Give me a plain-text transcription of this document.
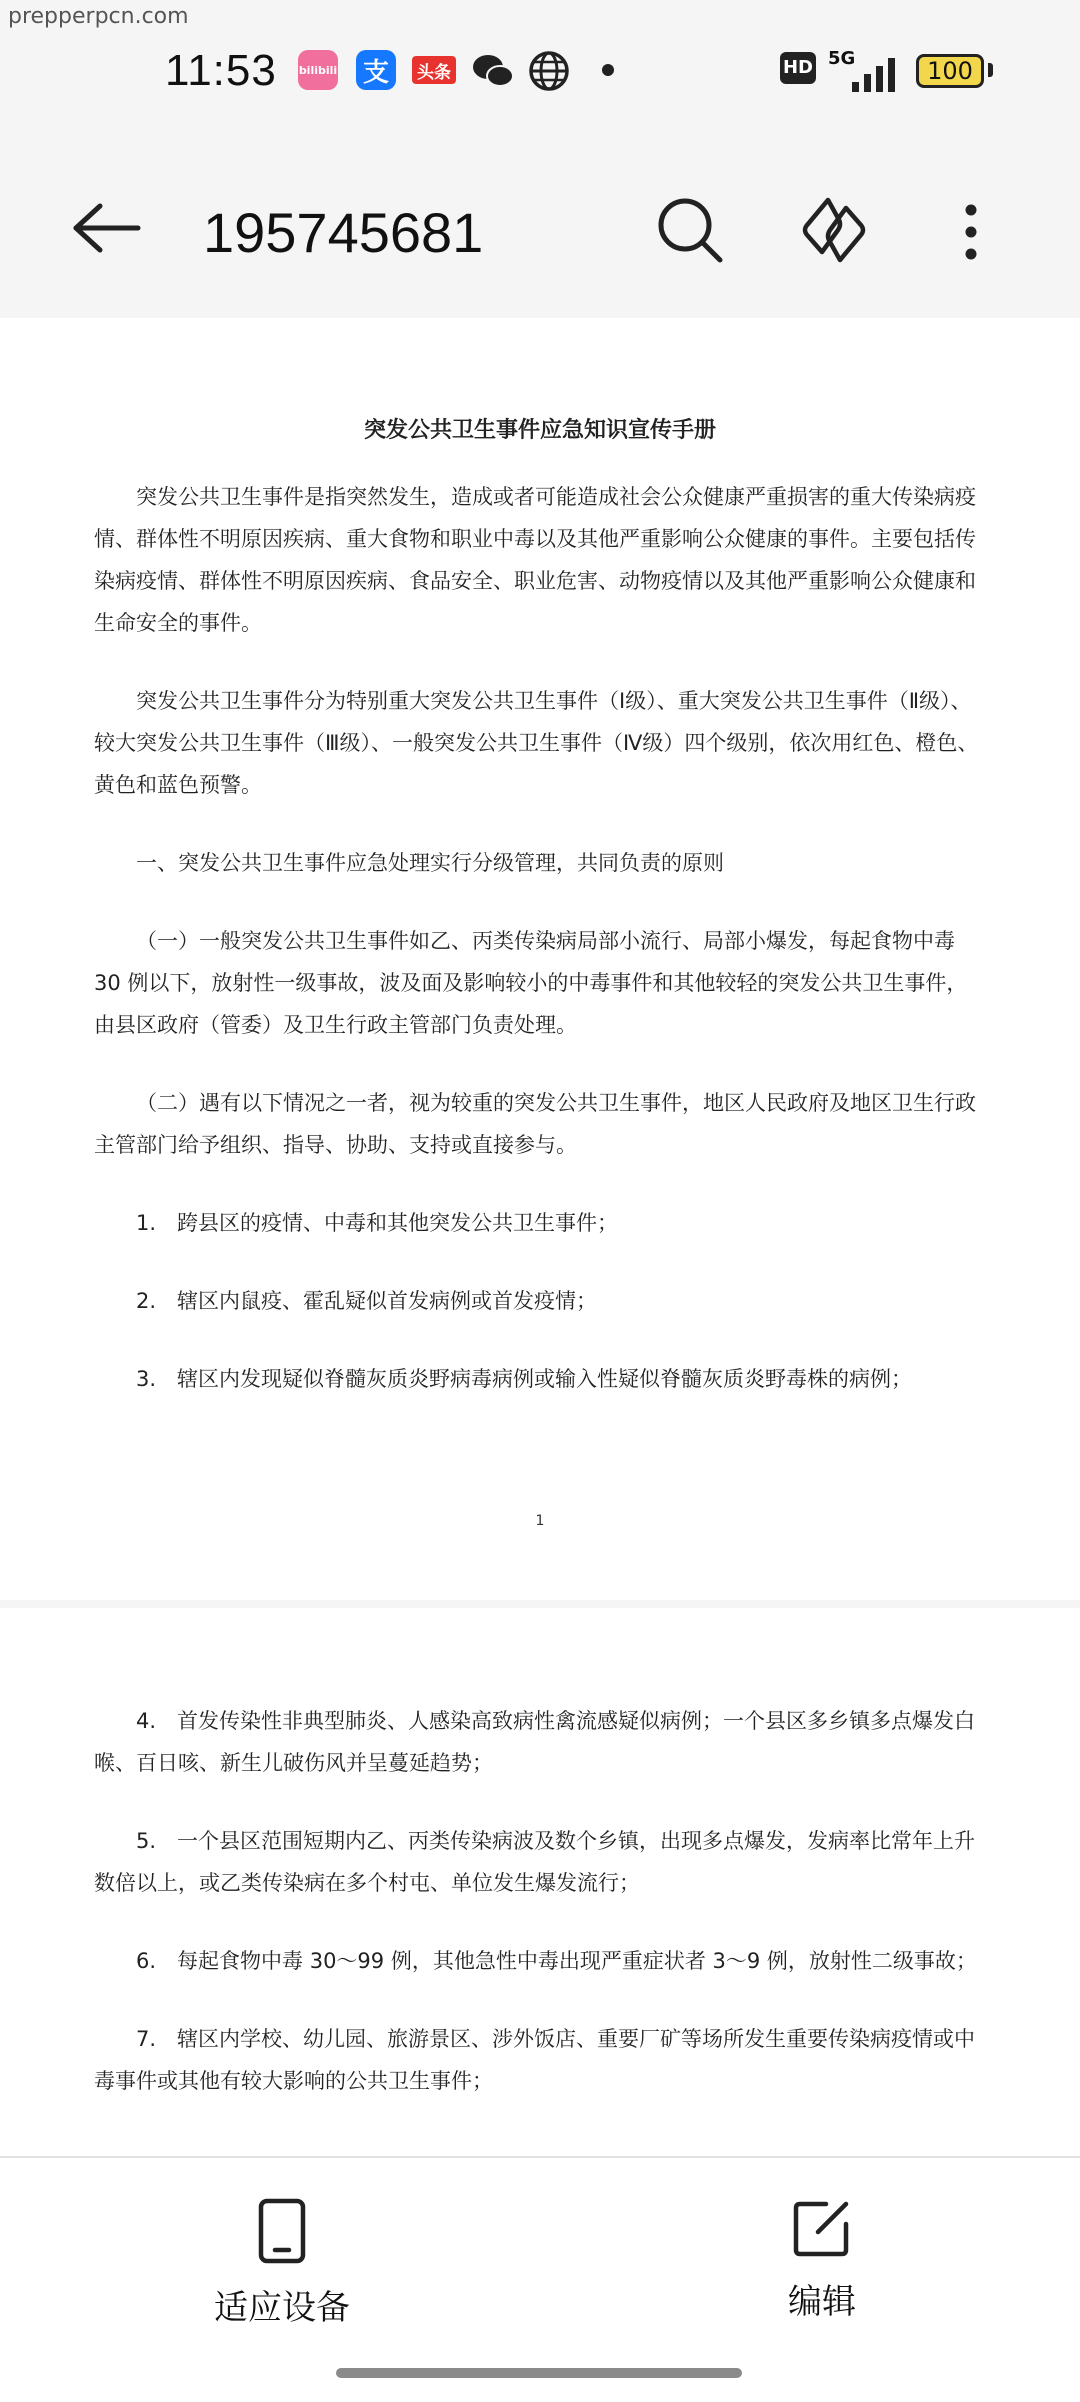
prepperpcn.com
11:53 bilibili 支	头条	HD 5G	100
195745681
突发公共卫生事件应急知识宣传手册

突发公共卫生事件是指突然发生，造成或者可能造成社会公众健康严重损害的重大传染病疫情、群体性不明原因疾病、重大食物和职业中毒以及其他严重影响公众健康的事件。主要包括传染病疫情、群体性不明原因疾病、食品安全、职业危害、动物疫情以及其他严重影响公众健康和生命安全的事件。

突发公共卫生事件分为特别重大突发公共卫生事件（Ⅰ级）、重大突发公共卫生事件（Ⅱ级）、较大突发公共卫生事件（Ⅲ级）、一般突发公共卫生事件（Ⅳ级）四个级别，依次用红色、橙色、黄色和蓝色预警。

一、突发公共卫生事件应急处理实行分级管理，共同负责的原则

（一）一般突发公共卫生事件如乙、丙类传染病局部小流行、局部小爆发，每起食物中毒 30 例以下，放射性一级事故，波及面及影响较小的中毒事件和其他较轻的突发公共卫生事件，由县区政府（管委）及卫生行政主管部门负责处理。

（二）遇有以下情况之一者，视为较重的突发公共卫生事件，地区人民政府及地区卫生行政主管部门给予组织、指导、协助、支持或直接参与。

1.　跨县区的疫情、中毒和其他突发公共卫生事件；

2.　辖区内鼠疫、霍乱疑似首发病例或首发疫情；

3.　辖区内发现疑似脊髓灰质炎野病毒病例或输入性疑似脊髓灰质炎野毒株的病例；

1

4.　首发传染性非典型肺炎、人感染高致病性禽流感疑似病例；一个县区多乡镇多点爆发白喉、百日咳、新生儿破伤风并呈蔓延趋势；

5.　一个县区范围短期内乙、丙类传染病波及数个乡镇，出现多点爆发，发病率比常年上升数倍以上，或乙类传染病在多个村屯、单位发生爆发流行；

6.　每起食物中毒 30～99 例，其他急性中毒出现严重症状者 3～9 例，放射性二级事故；

7.　辖区内学校、幼儿园、旅游景区、涉外饭店、重要厂矿等场所发生重要传染病疫情或中毒事件或其他有较大影响的公共卫生事件；

适应设备	编辑
